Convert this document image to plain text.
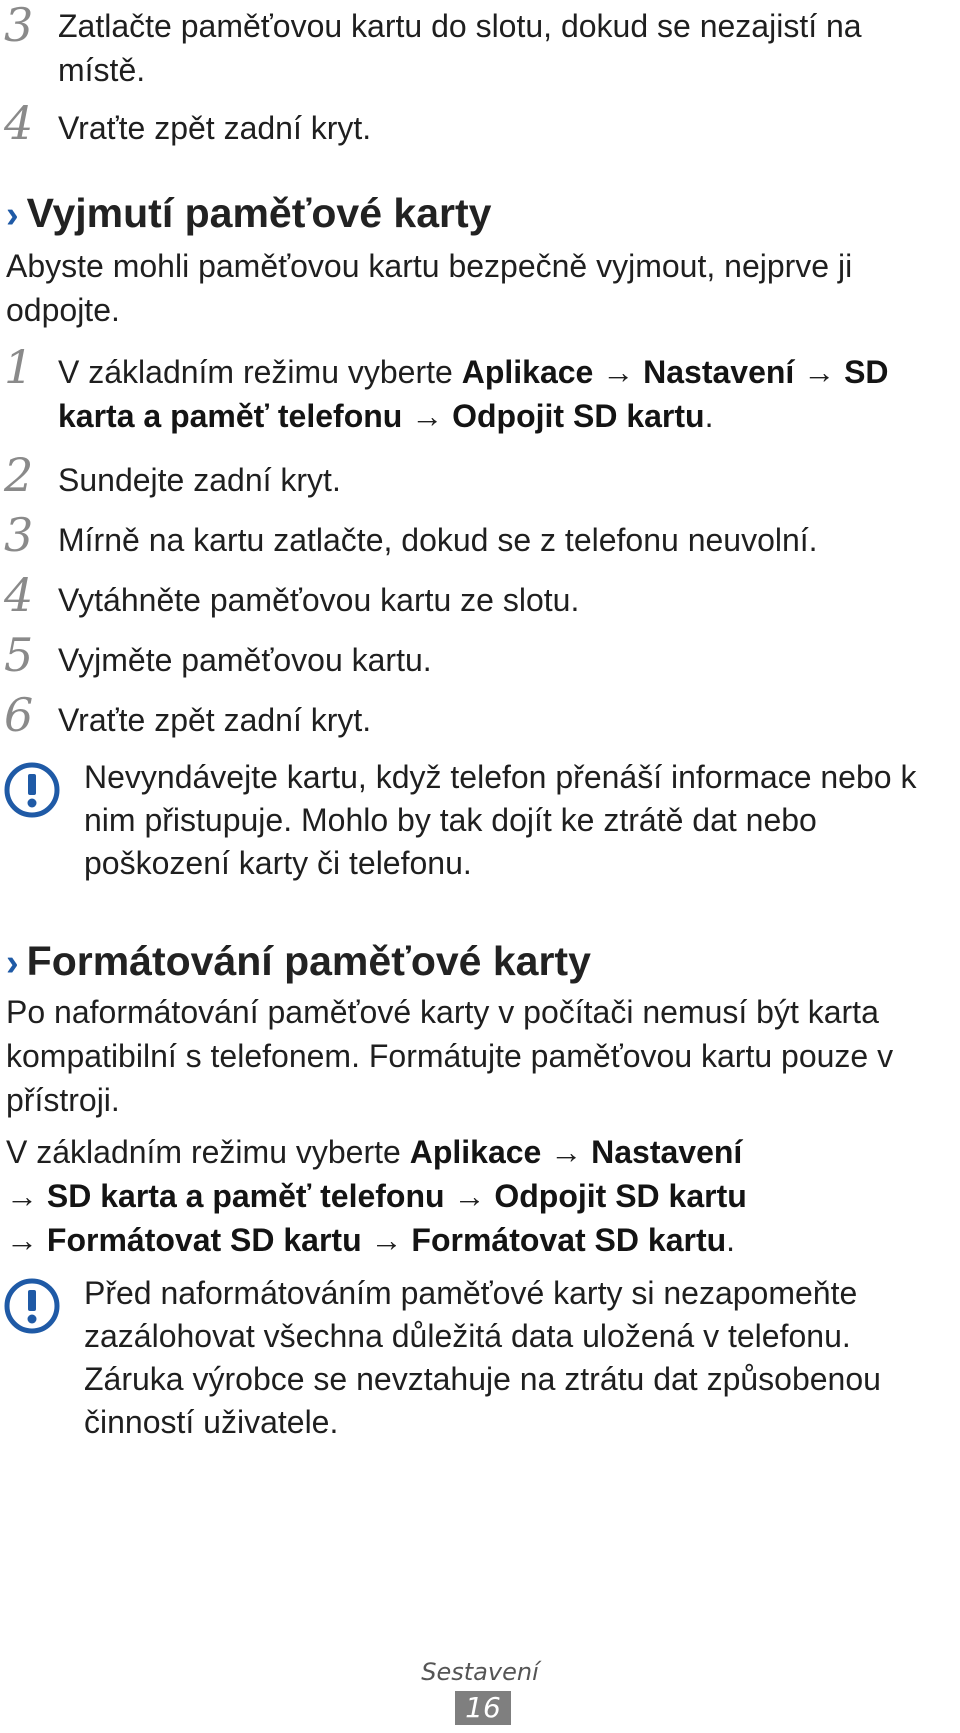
3 Zatlačte paměťovou kartu do slotu, dokud se nezajistí na místě.
4 Vraťte zpět zadní kryt.
› Vyjmutí paměťové karty
Abyste mohli paměťovou kartu bezpečně vyjmout, nejprve ji odpojte.
1 V základním režimu vyberte Aplikace → Nastavení → SD karta a paměť telefonu → Odpojit SD kartu.
2 Sundejte zadní kryt.
3 Mírně na kartu zatlačte, dokud se z telefonu neuvolní.
4 Vytáhněte paměťovou kartu ze slotu.
5 Vyjměte paměťovou kartu.
6 Vraťte zpět zadní kryt.
Nevyndávejte kartu, když telefon přenáší informace nebo k nim přistupuje. Mohlo by tak dojít ke ztrátě dat nebo poškození karty či telefonu.
› Formátování paměťové karty
Po naformátování paměťové karty v počítači nemusí být karta kompatibilní s telefonem. Formátujte paměťovou kartu pouze v přístroji.
V základním režimu vyberte Aplikace → Nastavení
→ SD karta a paměť telefonu → Odpojit SD kartu
→ Formátovat SD kartu → Formátovat SD kartu.
Před naformátováním paměťové karty si nezapomeňte zazálohovat všechna důležitá data uložená v telefonu. Záruka výrobce se nevztahuje na ztrátu dat způsobenou činností uživatele.
Sestavení
16
